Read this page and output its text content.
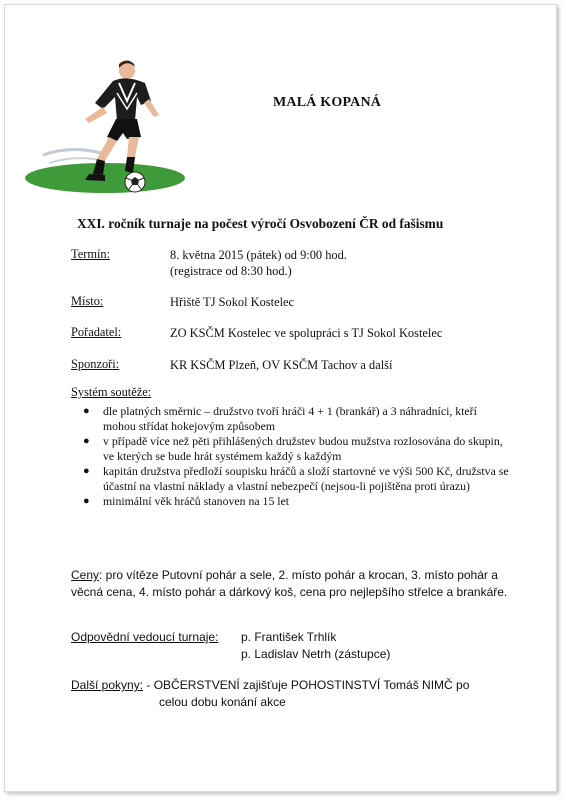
MALÁ KOPANÁ
XXI. ročník turnaje na počest výročí Osvobození ČR od fašismu
Termín:	8. května 2015 (pátek) od 9:00 hod.
(registrace od 8:30 hod.)
Místo:	Hřiště TJ Sokol Kostelec
Pořadatel:	ZO KSČM Kostelec ve spolupráci s TJ Sokol Kostelec
Sponzoři:	KR KSČM Plzeň, OV KSČM Tachov a další
Systém soutěže:
● dle platných směrnic – družstvo tvoří hráči 4 + 1 (brankář) a 3 náhradníci, kteří mohou střídat hokejovým způsobem
● v případě více než pěti přihlášených družstev budou mužstva rozlosována do skupin, ve kterých se bude hrát systémem každý s každým
● kapitán družstva předloží soupisku hráčů a složí startovné ve výši 500 Kč, družstva se účastní na vlastní náklady a vlastní nebezpečí (nejsou-li pojištěna proti úrazu)
● minimální věk hráčů stanoven na 15 let
Ceny: pro vítěze Putovní pohár a sele, 2. místo pohár a krocan, 3. místo pohár a věcná cena, 4. místo pohár a dárkový koš, cena pro nejlepšího střelce a brankáře.
Odpovědní vedoucí turnaje: p. František Trhlík
p. Ladislav Netrh (zástupce)
Další pokyny: - OBČERSTVENÍ zajišťuje POHOSTINSTVÍ Tomáš NIMČ po
celou dobu konání akce
